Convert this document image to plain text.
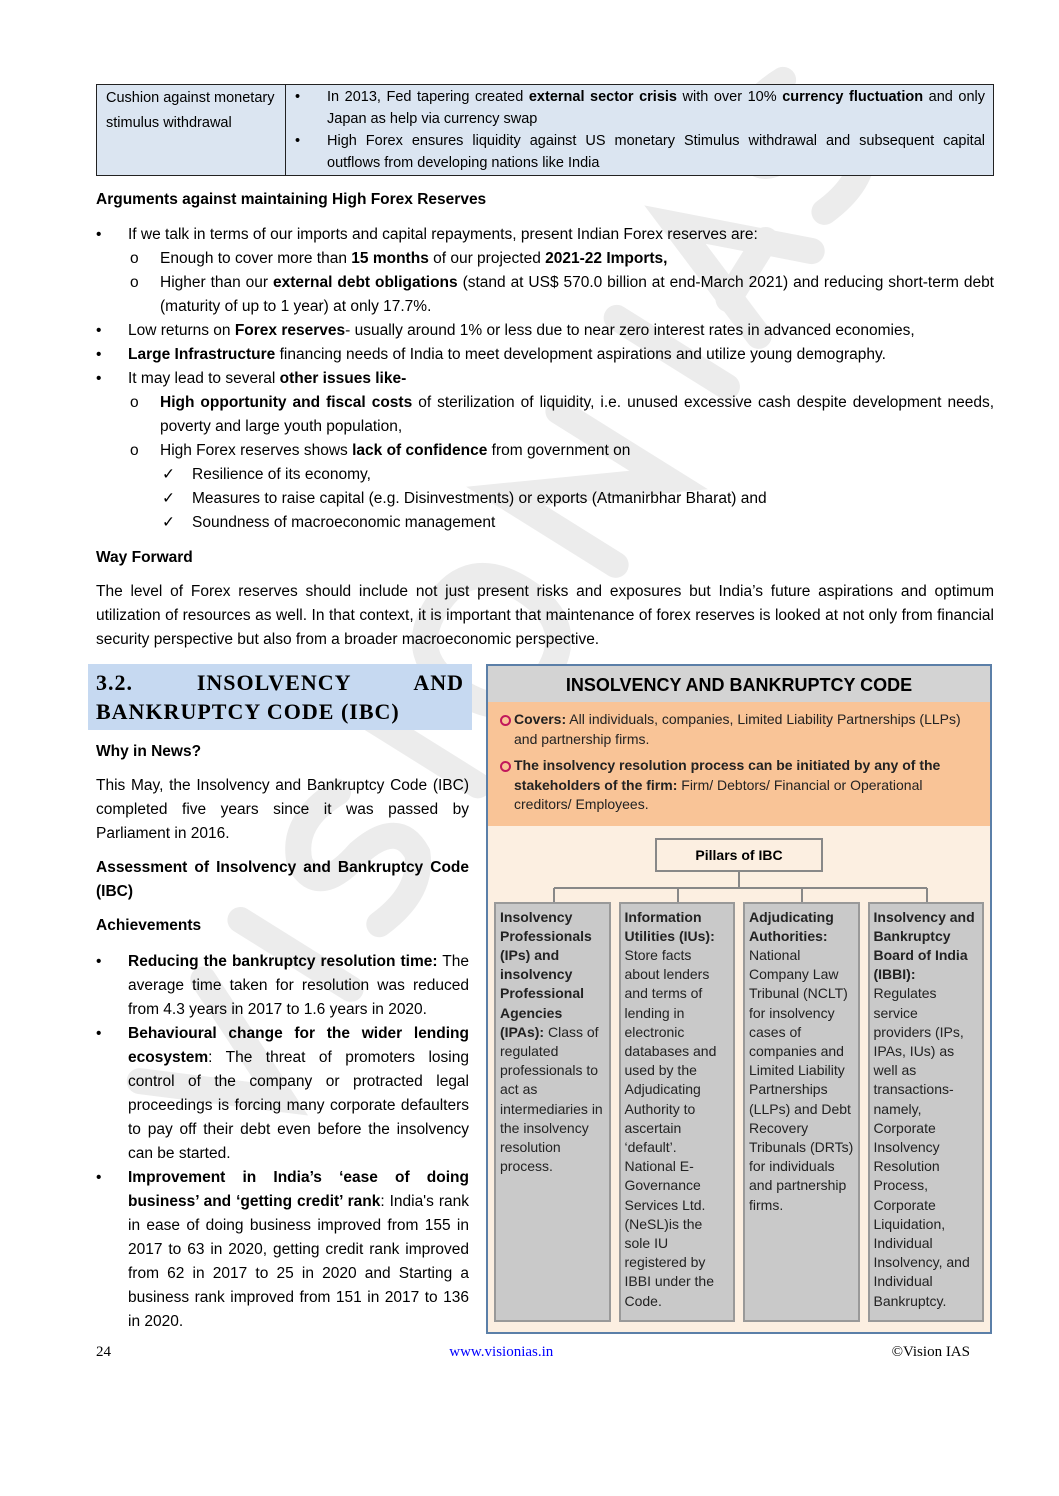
Cushion against monetary stimulus withdrawal	
• In 2013, Fed tapering created external sector crisis with over 10% currency fluctuation and only Japan as help via currency swap
• High Forex ensures liquidity against US monetary Stimulus withdrawal and subsequent capital outflows from developing nations like India

Arguments against maintaining High Forex Reserves

• If we talk in terms of our imports and capital repayments, present Indian Forex reserves are:

o Enough to cover more than 15 months of our projected 2021-22 Imports,

o Higher than our external debt obligations (stand at US$ 570.0 billion at end-March 2021) and reducing short-term debt (maturity of up to 1 year) at only 17.7%.

• Low returns on Forex reserves- usually around 1% or less due to near zero interest rates in advanced economies,

• Large Infrastructure financing needs of India to meet development aspirations and utilize young demography.

• It may lead to several other issues like-

o High opportunity and fiscal costs of sterilization of liquidity, i.e. unused excessive cash despite development needs, poverty and large youth population,

o High Forex reserves shows lack of confidence from government on

✓ Resilience of its economy,

✓ Measures to raise capital (e.g. Disinvestments) or exports (Atmanirbhar Bharat) and

✓ Soundness of macroeconomic management

Way Forward

The level of Forex reserves should include not just present risks and exposures but India’s future aspirations and optimum utilization of resources as well. In that context, it is important that maintenance of forex reserves is looked at not only from financial security perspective but also from a broader macroeconomic perspective.

3.2. INSOLVENCY AND
BANKRUPTCY CODE (IBC)

Why in News?

This May, the Insolvency and Bankruptcy Code (IBC) completed five years since it was passed by Parliament in 2016.

Assessment of Insolvency and Bankruptcy Code (IBC)

Achievements

• Reducing the bankruptcy resolution time: The average time taken for resolution was reduced from 4.3 years in 2017 to 1.6 years in 2020.

• Behavioural change for the wider lending ecosystem: The threat of promoters losing control of the company or protracted legal proceedings is forcing many corporate defaulters to pay off their debt even before the insolvency can be started.

• Improvement in India’s ‘ease of doing business’ and ‘getting credit’ rank: India's rank in ease of doing business improved from 155 in 2017 to 63 in 2020, getting credit rank improved from 62 in 2017 to 25 in 2020 and Starting a business rank improved from 151 in 2017 to 136 in 2020.

INSOLVENCY AND BANKRUPTCY CODE

Covers: All individuals, companies, Limited Liability Partnerships (LLPs) and partnership firms.

The insolvency resolution process can be initiated by any of the stakeholders of the firm: Firm/ Debtors/ Financial or Operational creditors/ Employees.

Pillars of IBC
Insolvency Professionals (IPs) and insolvency Professional Agencies (IPAs): Class of regulated professionals to act as intermediaries in the insolvency resolution process.
Information Utilities (IUs): Store facts about lenders and terms of lending in electronic databases and used by the Adjudicating Authority to ascertain ‘default’. National E-Governance Services Ltd. (NeSL)is the sole IU registered by IBBI under the Code.
Adjudicating Authorities: National Company Law Tribunal (NCLT) for insolvency cases of companies and Limited Liability Partnerships (LLPs) and Debt Recovery Tribunals (DRTs) for individuals and partnership firms.
Insolvency and Bankruptcy Board of India (IBBI): Regulates service providers (IPs, IPAs, IUs) as well as transactions- namely, Corporate Insolvency Resolution Process, Corporate Liquidation, Individual Insolvency, and Individual Bankruptcy.
24	www.visionias.in	©Vision IAS
